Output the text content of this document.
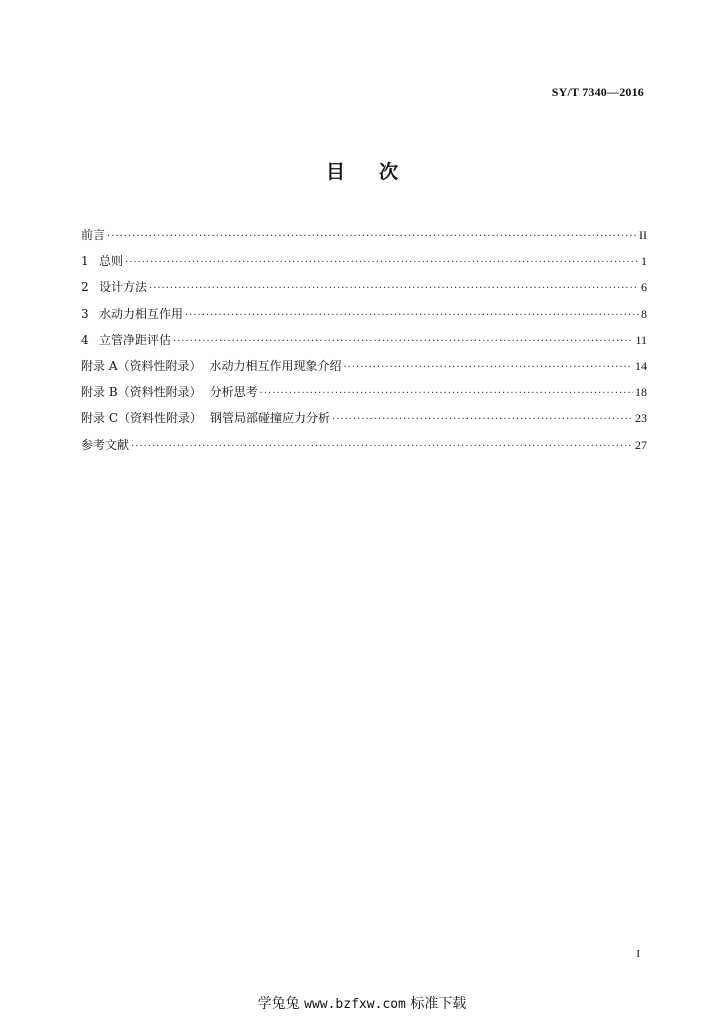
SY/T 7340—2016
目次
前言 ·····	II
1 总则 ·····	1
2 设计方法 ·····	6
3 水动力相互作用 ·····	8
4 立管净距评估 ·····	11
附录 A（资料性附录） 水动力相互作用现象介绍 ·····	14
附录 B（资料性附录） 分析思考 ·····	18
附录 C（资料性附录） 钢管局部碰撞应力分析 ·····	23
参考文献 ·····	27
I
学兔兔 www.bzfxw.com 标准下载
